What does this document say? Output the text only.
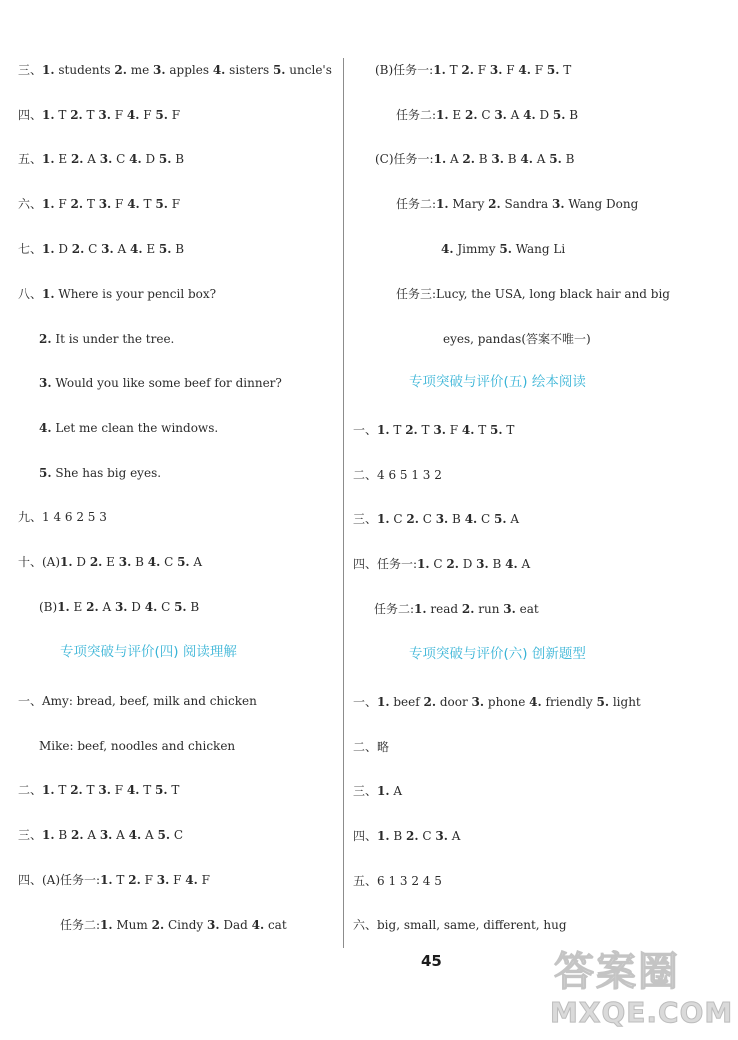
三、1. students 2. me 3. apples 4. sisters 5. uncle's
四、1. T 2. T 3. F 4. F 5. F
五、1. E 2. A 3. C 4. D 5. B
六、1. F 2. T 3. F 4. T 5. F
七、1. D 2. C 3. A 4. E 5. B
八、1. Where is your pencil box?
2. It is under the tree.
3. Would you like some beef for dinner?
4. Let me clean the windows.
5. She has big eyes.
九、1 4 6 2 5 3
十、(A)1. D 2. E 3. B 4. C 5. A
(B)1. E 2. A 3. D 4. C 5. B
一、Amy: bread, beef, milk and chicken
Mike: beef, noodles and chicken
二、1. T 2. T 3. F 4. T 5. T
三、1. B 2. A 3. A 4. A 5. C
四、(A)任务一:1. T 2. F 3. F 4. F
任务二:1. Mum 2. Cindy 3. Dad 4. cat
专项突破与评价(四) 阅读理解
(B)任务一:1. T 2. F 3. F 4. F 5. T
任务二:1. E 2. C 3. A 4. D 5. B
(C)任务一:1. A 2. B 3. B 4. A 5. B
任务二:1. Mary 2. Sandra 3. Wang Dong
4. Jimmy 5. Wang Li
任务三:Lucy, the USA, long black hair and big
eyes, pandas(答案不唯一)
一、1. T 2. T 3. F 4. T 5. T
二、4 6 5 1 3 2
三、1. C 2. C 3. B 4. C 5. A
四、任务一:1. C 2. D 3. B 4. A
任务二:1. read 2. run 3. eat
一、1. beef 2. door 3. phone 4. friendly 5. light
二、略
三、1. A
四、1. B 2. C 3. A
五、6 1 3 2 4 5
六、big, small, same, different, hug
专项突破与评价(五) 绘本阅读
专项突破与评价(六) 创新题型
45	答案圈
MXQE.COM
